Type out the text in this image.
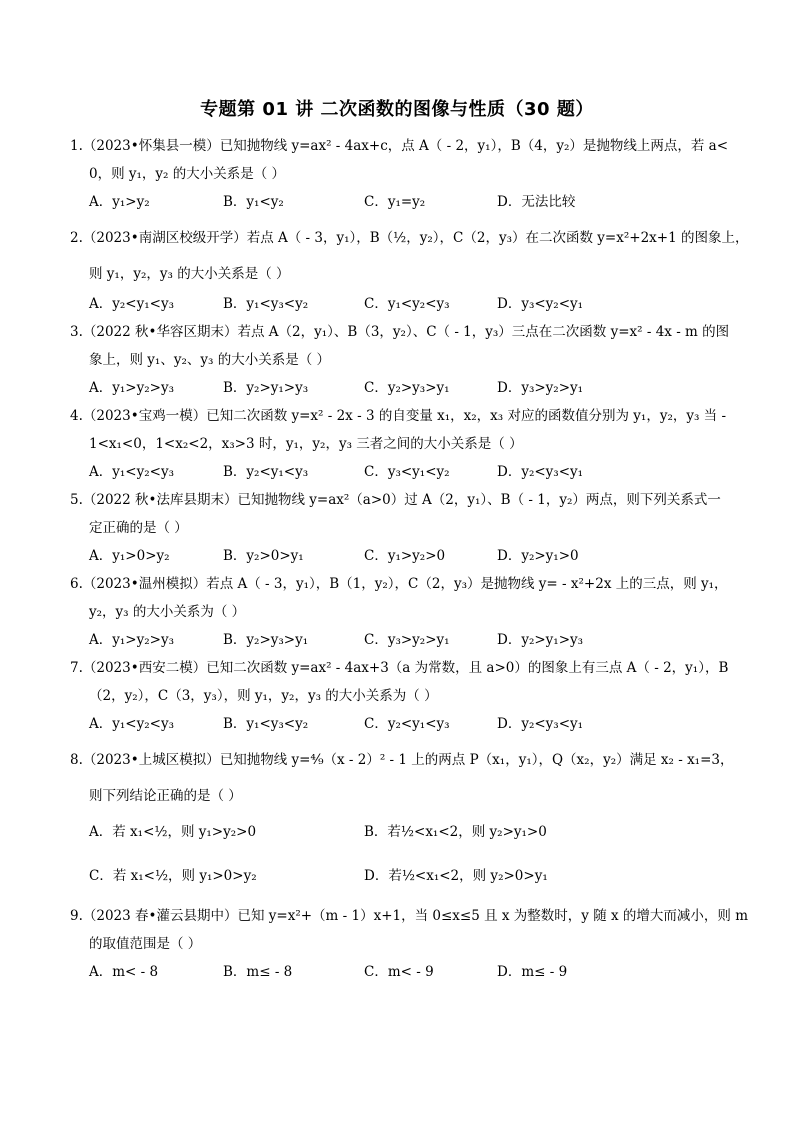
专题第 01 讲 二次函数的图像与性质（30 题）
1.（2023•怀集县一模）已知抛物线 y=ax² - 4ax+c，点 A（ - 2，y₁），B（4，y₂）是抛物线上两点，若 a<
0，则 y₁，y₂ 的大小关系是（ ）
A．y₁>y₂	B．y₁<y₂	C．y₁=y₂	D．无法比较
2.（2023•南湖区校级开学）若点 A（ - 3，y₁），B（½，y₂），C（2，y₃）在二次函数 y=x²+2x+1 的图象上，
则 y₁，y₂，y₃ 的大小关系是（ ）
A．y₂<y₁<y₃	B．y₁<y₃<y₂	C．y₁<y₂<y₃	D．y₃<y₂<y₁
3.（2022 秋•华容区期末）若点 A（2，y₁）、B（3，y₂）、C（ - 1，y₃）三点在二次函数 y=x² - 4x - m 的图
象上，则 y₁、y₂、y₃ 的大小关系是（ ）
A．y₁>y₂>y₃	B．y₂>y₁>y₃	C．y₂>y₃>y₁	D．y₃>y₂>y₁
4.（2023•宝鸡一模）已知二次函数 y=x² - 2x - 3 的自变量 x₁，x₂，x₃ 对应的函数值分别为 y₁，y₂，y₃ 当 -
1<x₁<0，1<x₂<2，x₃>3 时，y₁，y₂，y₃ 三者之间的大小关系是（ ）
A．y₁<y₂<y₃	B．y₂<y₁<y₃	C．y₃<y₁<y₂	D．y₂<y₃<y₁
5.（2022 秋•法库县期末）已知抛物线 y=ax²（a>0）过 A（2，y₁）、B（ - 1，y₂）两点，则下列关系式一
定正确的是（ ）
A．y₁>0>y₂	B．y₂>0>y₁	C．y₁>y₂>0	D．y₂>y₁>0
6.（2023•温州模拟）若点 A（ - 3，y₁），B（1，y₂），C（2，y₃）是抛物线 y= - x²+2x 上的三点，则 y₁，
y₂，y₃ 的大小关系为（ ）
A．y₁>y₂>y₃	B．y₂>y₃>y₁	C．y₃>y₂>y₁	D．y₂>y₁>y₃
7.（2023•西安二模）已知二次函数 y=ax² - 4ax+3（a 为常数，且 a>0）的图象上有三点 A（ - 2，y₁），B
（2，y₂），C（3，y₃），则 y₁，y₂，y₃ 的大小关系为（ ）
A．y₁<y₂<y₃	B．y₁<y₃<y₂	C．y₂<y₁<y₃	D．y₂<y₃<y₁
8.（2023•上城区模拟）已知抛物线 y=⁴⁄₉（x - 2）² - 1 上的两点 P（x₁，y₁），Q（x₂，y₂）满足 x₂ - x₁=3，
则下列结论正确的是（ ）
A．若 x₁<½，则 y₁>y₂>0	B．若½<x₁<2，则 y₂>y₁>0
C．若 x₁<½，则 y₁>0>y₂	D．若½<x₁<2，则 y₂>0>y₁
9.（2023 春•灌云县期中）已知 y=x²+（m - 1）x+1，当 0≤x≤5 且 x 为整数时，y 随 x 的增大而减小，则 m
的取值范围是（ ）
A．m< - 8	B．m≤ - 8	C．m< - 9	D．m≤ - 9
